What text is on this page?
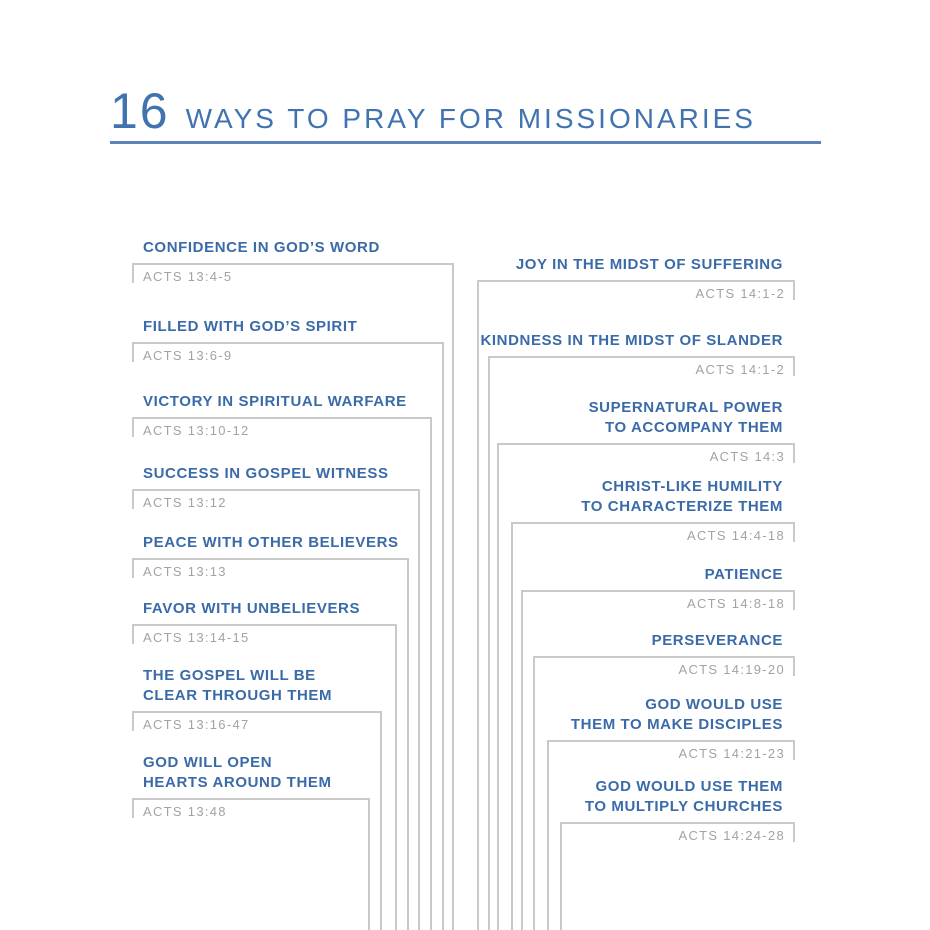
16 WAYS TO PRAY FOR MISSIONARIES
CONFIDENCE IN GOD’S WORD
ACTS 13:4-5
FILLED WITH GOD’S SPIRIT
ACTS 13:6-9
VICTORY IN SPIRITUAL WARFARE
ACTS 13:10-12
SUCCESS IN GOSPEL WITNESS
ACTS 13:12
PEACE WITH OTHER BELIEVERS
ACTS 13:13
FAVOR WITH UNBELIEVERS
ACTS 13:14-15
THE GOSPEL WILL BE
CLEAR THROUGH THEM
ACTS 13:16-47
GOD WILL OPEN
HEARTS AROUND THEM
ACTS 13:48
JOY IN THE MIDST OF SUFFERING
ACTS 14:1-2
KINDNESS IN THE MIDST OF SLANDER
ACTS 14:1-2
SUPERNATURAL POWER
TO ACCOMPANY THEM
ACTS 14:3
CHRIST-LIKE HUMILITY
TO CHARACTERIZE THEM
ACTS 14:4-18
PATIENCE
ACTS 14:8-18
PERSEVERANCE
ACTS 14:19-20
GOD WOULD USE
THEM TO MAKE DISCIPLES
ACTS 14:21-23
GOD WOULD USE THEM
TO MULTIPLY CHURCHES
ACTS 14:24-28
